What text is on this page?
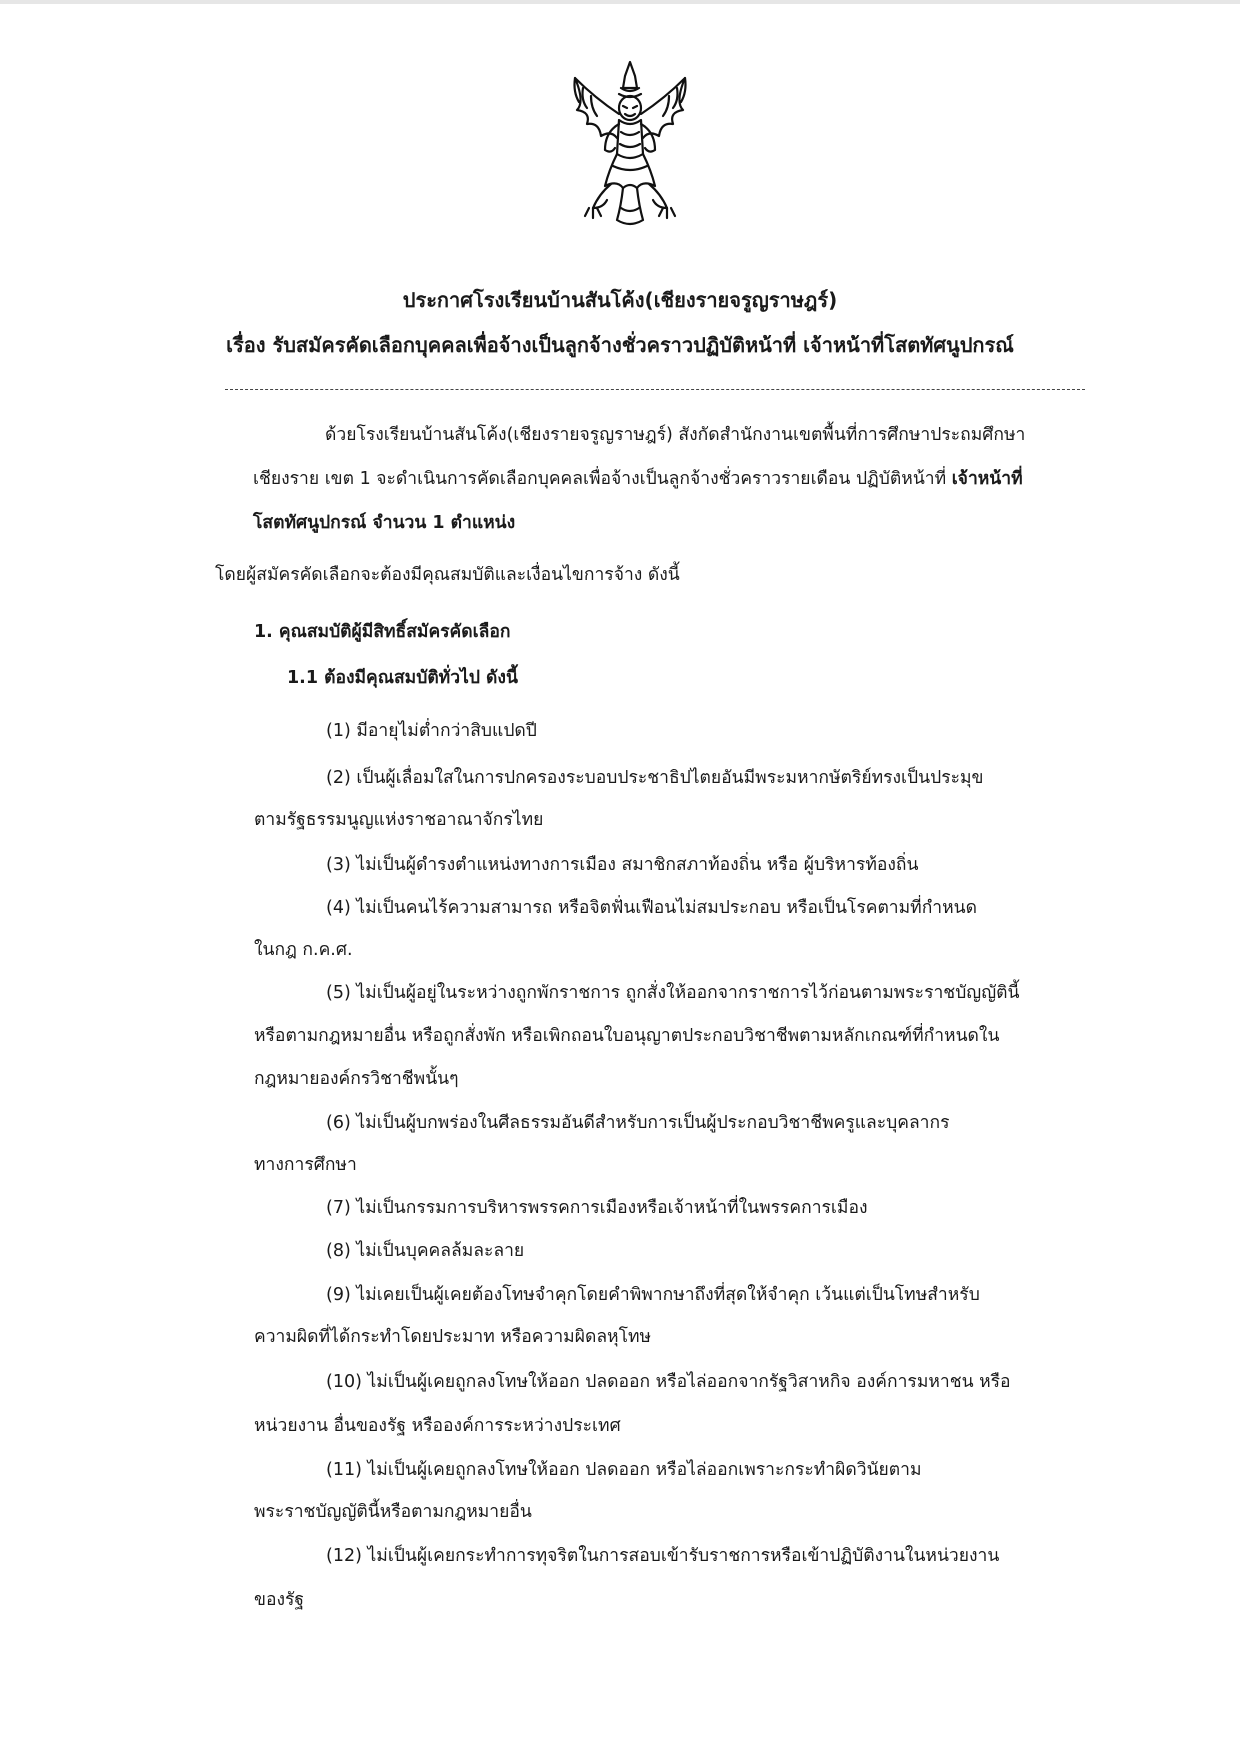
ประกาศโรงเรียนบ้านสันโค้ง(เชียงรายจรูญราษฎร์)
เรื่อง รับสมัครคัดเลือกบุคคลเพื่อจ้างเป็นลูกจ้างชั่วคราวปฏิบัติหน้าที่ เจ้าหน้าที่โสตทัศนูปกรณ์
ด้วยโรงเรียนบ้านสันโค้ง(เชียงรายจรูญราษฎร์) สังกัดสำนักงานเขตพื้นที่การศึกษาประถมศึกษา
เชียงราย เขต 1 จะดำเนินการคัดเลือกบุคคลเพื่อจ้างเป็นลูกจ้างชั่วคราวรายเดือน ปฏิบัติหน้าที่ เจ้าหน้าที่
โสตทัศนูปกรณ์ จำนวน 1 ตำแหน่ง
โดยผู้สมัครคัดเลือกจะต้องมีคุณสมบัติและเงื่อนไขการจ้าง ดังนี้
1. คุณสมบัติผู้มีสิทธิ์สมัครคัดเลือก
1.1 ต้องมีคุณสมบัติทั่วไป ดังนี้
(1) มีอายุไม่ต่ำกว่าสิบแปดปี
(2) เป็นผู้เลื่อมใสในการปกครองระบอบประชาธิปไตยอันมีพระมหากษัตริย์ทรงเป็นประมุข
ตามรัฐธรรมนูญแห่งราชอาณาจักรไทย
(3) ไม่เป็นผู้ดำรงตำแหน่งทางการเมือง สมาชิกสภาท้องถิ่น หรือ ผู้บริหารท้องถิ่น
(4) ไม่เป็นคนไร้ความสามารถ หรือจิตฟั่นเฟือนไม่สมประกอบ หรือเป็นโรคตามที่กำหนด
ในกฎ ก.ค.ศ.
(5) ไม่เป็นผู้อยู่ในระหว่างถูกพักราชการ ถูกสั่งให้ออกจากราชการไว้ก่อนตามพระราชบัญญัตินี้
หรือตามกฎหมายอื่น หรือถูกสั่งพัก หรือเพิกถอนใบอนุญาตประกอบวิชาชีพตามหลักเกณฑ์ที่กำหนดใน
กฎหมายองค์กรวิชาชีพนั้นๆ
(6) ไม่เป็นผู้บกพร่องในศีลธรรมอันดีสำหรับการเป็นผู้ประกอบวิชาชีพครูและบุคลากร
ทางการศึกษา
(7) ไม่เป็นกรรมการบริหารพรรคการเมืองหรือเจ้าหน้าที่ในพรรคการเมือง
(8) ไม่เป็นบุคคลล้มละลาย
(9) ไม่เคยเป็นผู้เคยต้องโทษจำคุกโดยคำพิพากษาถึงที่สุดให้จำคุก เว้นแต่เป็นโทษสำหรับ
ความผิดที่ได้กระทำโดยประมาท หรือความผิดลหุโทษ
(10) ไม่เป็นผู้เคยถูกลงโทษให้ออก ปลดออก หรือไล่ออกจากรัฐวิสาหกิจ องค์การมหาชน หรือ
หน่วยงาน อื่นของรัฐ หรือองค์การระหว่างประเทศ
(11) ไม่เป็นผู้เคยถูกลงโทษให้ออก ปลดออก หรือไล่ออกเพราะกระทำผิดวินัยตาม
พระราชบัญญัตินี้หรือตามกฎหมายอื่น
(12) ไม่เป็นผู้เคยกระทำการทุจริตในการสอบเข้ารับราชการหรือเข้าปฏิบัติงานในหน่วยงาน
ของรัฐ
